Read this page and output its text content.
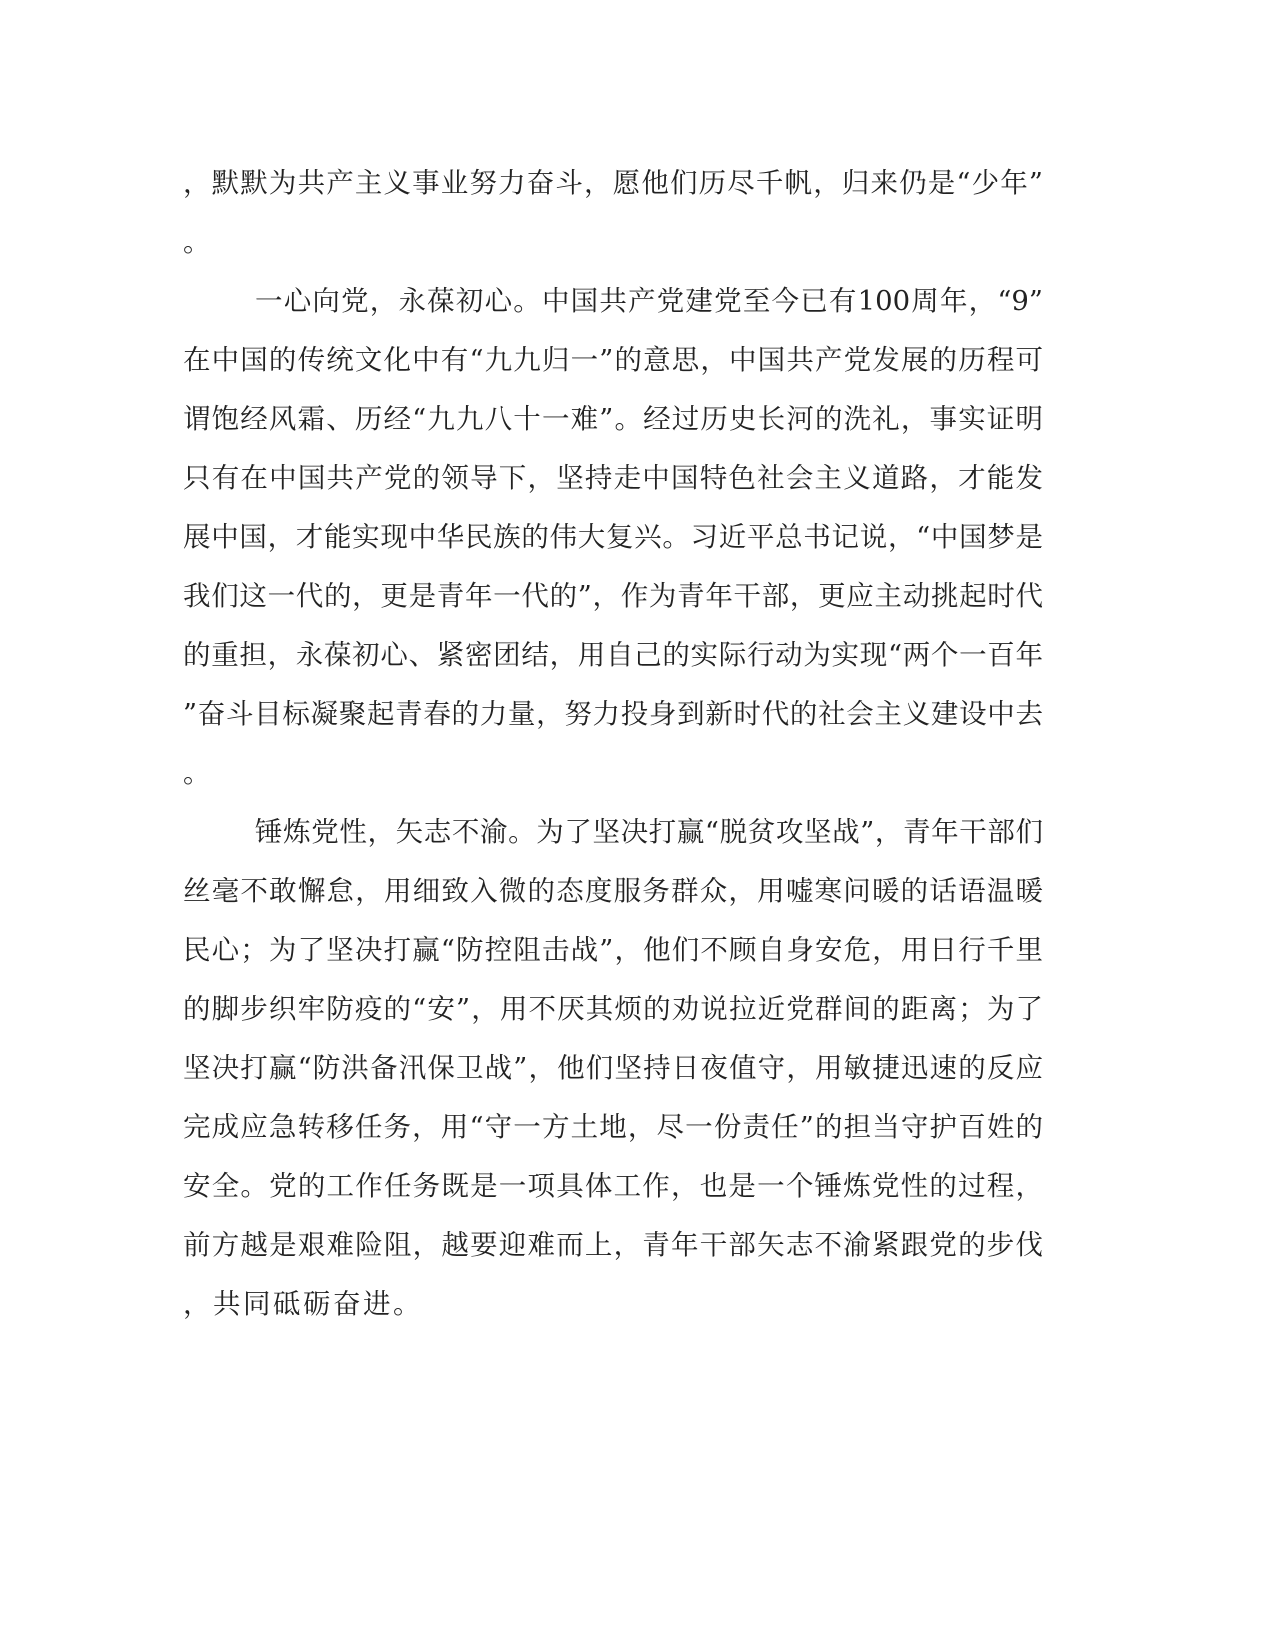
，默默为共产主义事业努力奋斗，愿他们历尽千帆，归来仍是“少年”
。
一心向党，永葆初心。中国共产党建党至今已有100周年，“9”
在中国的传统文化中有“九九归一”的意思，中国共产党发展的历程可
谓饱经风霜、历经“九九八十一难”。经过历史长河的洗礼，事实证明
只有在中国共产党的领导下，坚持走中国特色社会主义道路，才能发
展中国，才能实现中华民族的伟大复兴。习近平总书记说，“中国梦是
我们这一代的，更是青年一代的”，作为青年干部，更应主动挑起时代
的重担，永葆初心、紧密团结，用自己的实际行动为实现“两个一百年
”奋斗目标凝聚起青春的力量，努力投身到新时代的社会主义建设中去
。
锤炼党性，矢志不渝。为了坚决打赢“脱贫攻坚战”，青年干部们
丝毫不敢懈怠，用细致入微的态度服务群众，用嘘寒问暖的话语温暖
民心；为了坚决打赢“防控阻击战”，他们不顾自身安危，用日行千里
的脚步织牢防疫的“安”，用不厌其烦的劝说拉近党群间的距离；为了
坚决打赢“防洪备汛保卫战”，他们坚持日夜值守，用敏捷迅速的反应
完成应急转移任务，用“守一方土地，尽一份责任”的担当守护百姓的
安全。党的工作任务既是一项具体工作，也是一个锤炼党性的过程，
前方越是艰难险阻，越要迎难而上，青年干部矢志不渝紧跟党的步伐
，共同砥砺奋进。
